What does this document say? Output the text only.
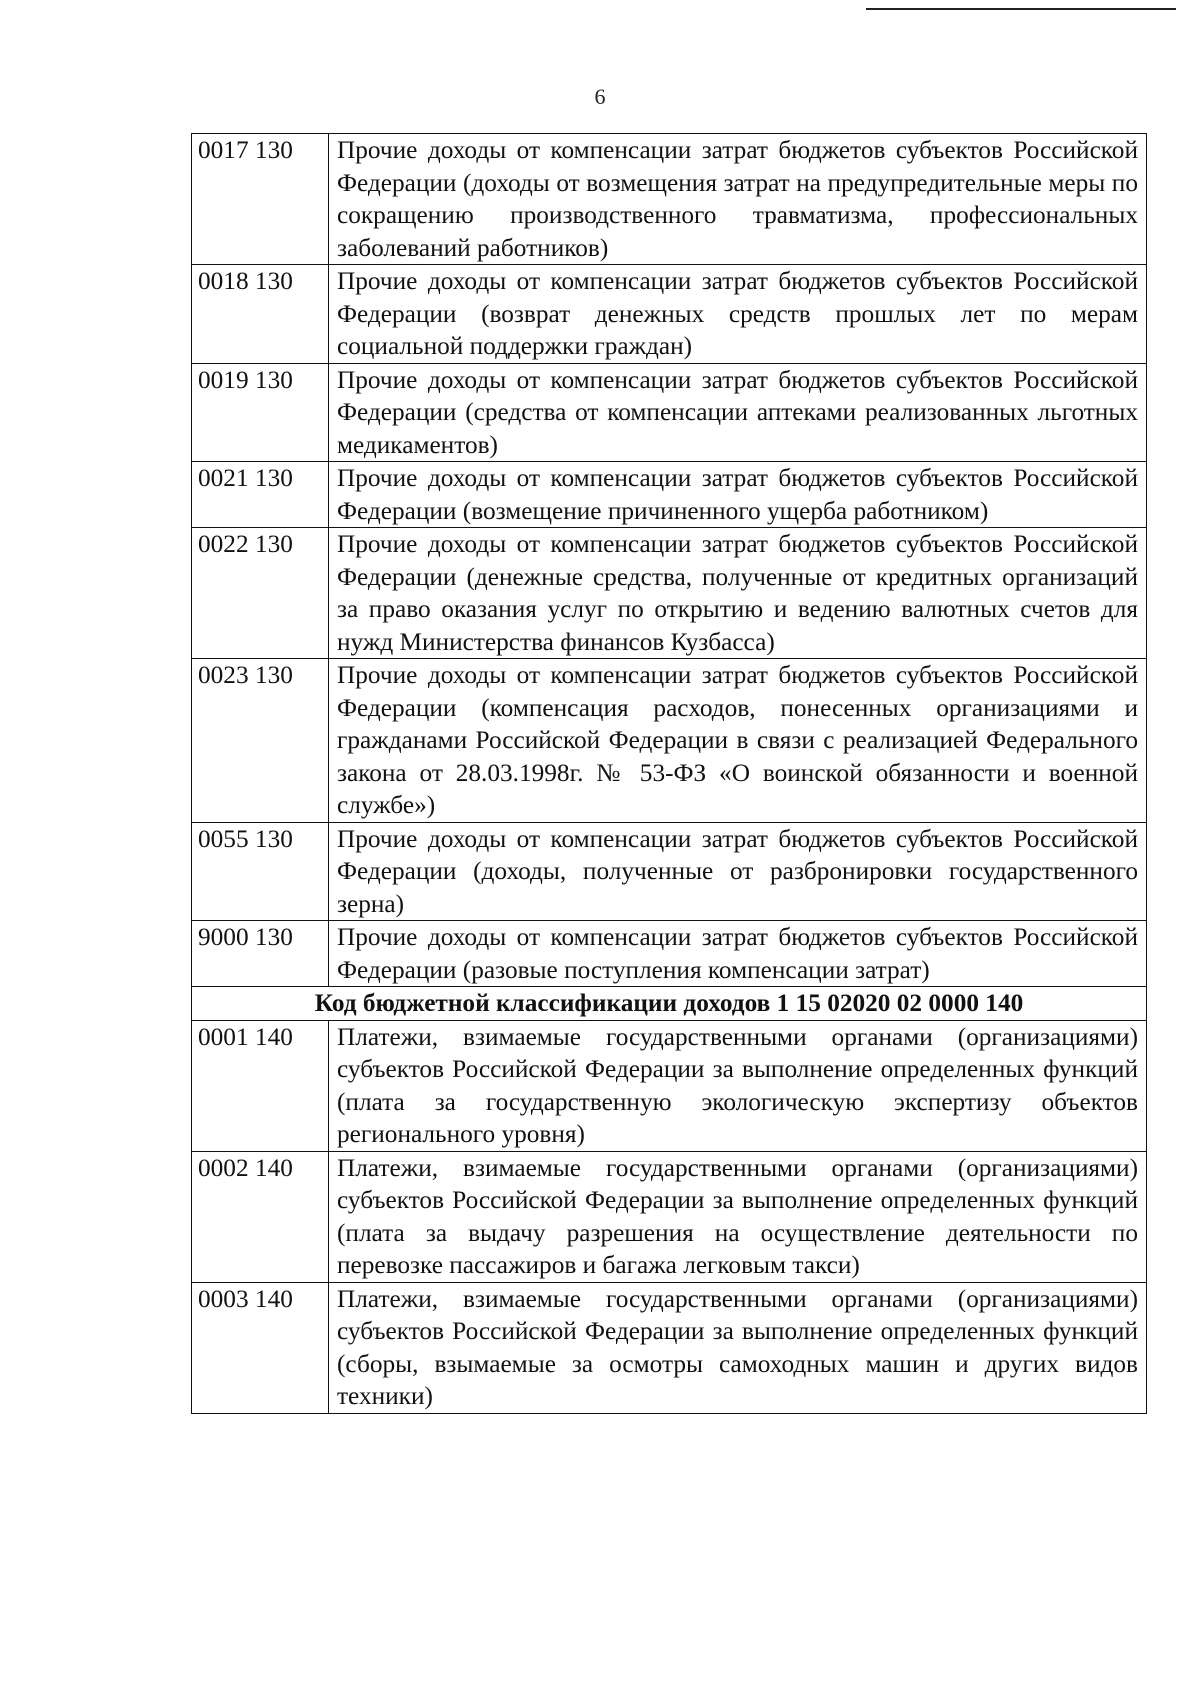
6
0017 130	Прочие доходы от компенсации затрат бюджетов субъектов Российской Федерации (доходы от возмещения затрат на предупредительные меры по сокращению производственного травматизма, профессиональных заболеваний работников)
0018 130	Прочие доходы от компенсации затрат бюджетов субъектов Российской Федерации (возврат денежных средств прошлых лет по мерам социальной поддержки граждан)
0019 130	Прочие доходы от компенсации затрат бюджетов субъектов Российской Федерации (средства от компенсации аптеками реализованных льготных медикаментов)
0021 130	Прочие доходы от компенсации затрат бюджетов субъектов Российской Федерации (возмещение причиненного ущерба работником)
0022 130	Прочие доходы от компенсации затрат бюджетов субъектов Российской Федерации (денежные средства, полученные от кредитных организаций за право оказания услуг по открытию и ведению валютных счетов для нужд Министерства финансов Кузбасса)
0023 130	Прочие доходы от компенсации затрат бюджетов субъектов Российской Федерации (компенсация расходов, понесенных организациями и гражданами Российской Федерации в связи с реализацией Федерального закона от 28.03.1998г. № 53-ФЗ «О воинской обязанности и военной службе»)
0055 130	Прочие доходы от компенсации затрат бюджетов субъектов Российской Федерации (доходы, полученные от разбронировки государственного зерна)
9000 130	Прочие доходы от компенсации затрат бюджетов субъектов Российской Федерации (разовые поступления компенсации затрат)
Код бюджетной классификации доходов 1 15 02020 02 0000 140	
0001 140	Платежи, взимаемые государственными органами (организациями) субъектов Российской Федерации за выполнение определенных функций (плата за государственную экологическую экспертизу объектов регионального уровня)
0002 140	Платежи, взимаемые государственными органами (организациями) субъектов Российской Федерации за выполнение определенных функций (плата за выдачу разрешения на осуществление деятельности по перевозке пассажиров и багажа легковым такси)
0003 140	Платежи, взимаемые государственными органами (организациями) субъектов Российской Федерации за выполнение определенных функций (сборы, взымаемые за осмотры самоходных машин и других видов техники)
